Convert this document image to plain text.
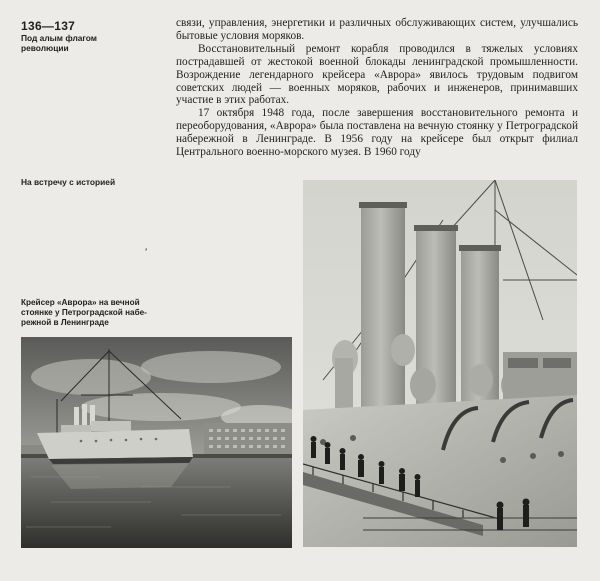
136—137
Под алым флагом
революции

связи, управления, энергетики и различных обслуживающих систем, улучшались бытовые условия моряков.

Восстановительный ремонт корабля проводился в тяжелых условиях пострадавшей от жестокой военной блокады ленинградской промышленности. Возрождение легендарного крейсера «Аврора» явилось трудовым подвигом советских людей — военных моряков, рабочих и инженеров, принимавших участие в этих работах.

17 октября 1948 года, после завершения восстановительного ремонта и переоборудования, «Аврора» была поставлена на вечную стоянку у Петроградской набережной в Ленинграде. В 1956 году на крейсере был открыт филиал Центрального военно-морского музея. В 1960 году

На встречу с историей
′
Крейсер «Аврора» на вечной
стоянке у Петроградской набе-
режной в Ленинграде
